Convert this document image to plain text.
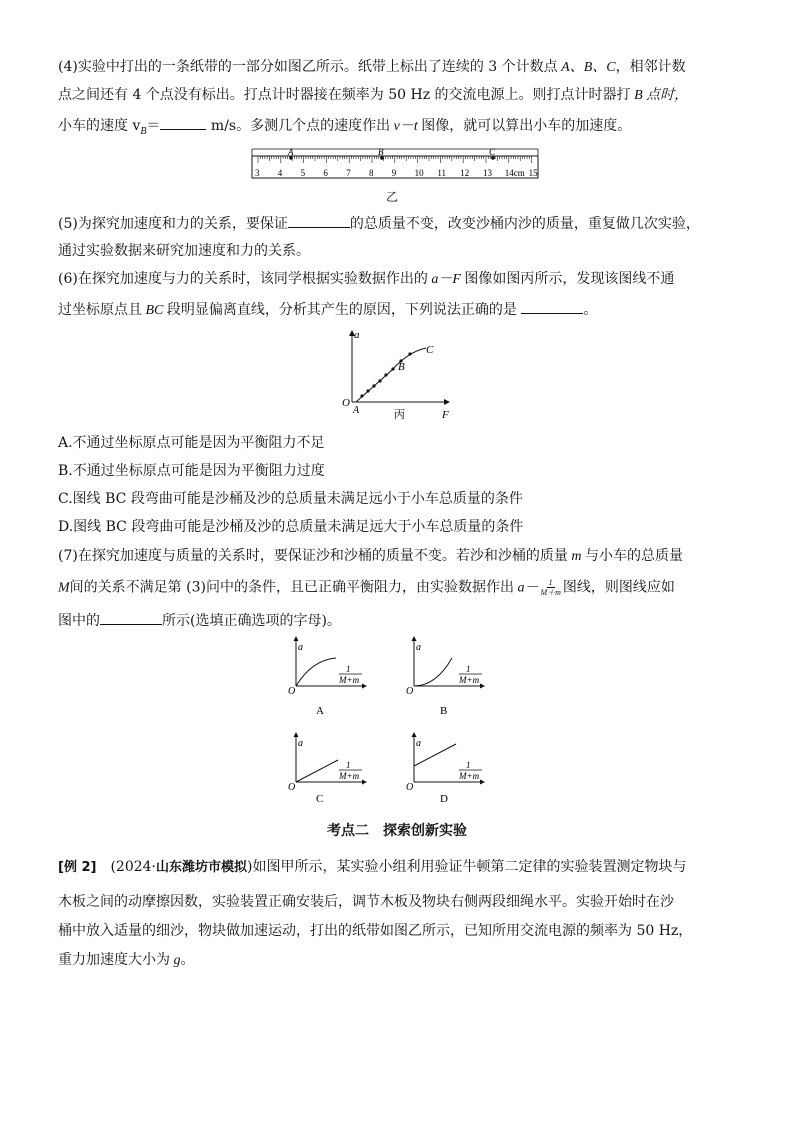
(4)实验中打出的一条纸带的一部分如图乙所示。纸带上标出了连续的 3 个计数点 A、B、C，相邻计数
点之间还有 4 个点没有标出。打点计时器接在频率为 50 Hz 的交流电源上。则打点计时器打 B 点时，
小车的速度 $v_B=$	m/s。多测几个点的速度作出 v－t 图像，就可以算出小车的加速度。
3 4 5 6 7 8 9 10 11 12 13 14cm 15
A	B	C
乙
(5)为探究加速度和力的关系，要保证	的总质量不变，改变沙桶内沙的质量，重复做几次实验，
通过实验数据来研究加速度和力的关系。
(6)在探究加速度与力的关系时，该同学根据实验数据作出的 a－F 图像如图丙所示，发现该图线不通
过坐标原点且 BC 段明显偏离直线，分析其产生的原因，下列说法正确的是	。
a
F
O
A
B
C
丙
A.不通过坐标原点可能是因为平衡阻力不足
B.不通过坐标原点可能是因为平衡阻力过度
C.图线 BC 段弯曲可能是沙桶及沙的总质量未满足远小于小车总质量的条件
D.图线 BC 段弯曲可能是沙桶及沙的总质量未满足远大于小车总质量的条件
(7)在探究加速度与质量的关系时，要保证沙和沙桶的质量不变。若沙和沙桶的质量 m 与小车的总质量
M间的关系不满足第 (3)问中的条件，且已正确平衡阻力，由实验数据作出 $a- \frac{1}{M+m}$ 图线，则图线应如
图中的	所示(选填正确选项的字母)。
a
O
1
M+m
A
a
O
1
M+m
B
a
O
1
M+m
C
a
O
1
M+m
D
考点二　探索创新实验
[例 2]　(2024·山东潍坊市模拟)如图甲所示，某实验小组利用验证牛顿第二定律的实验装置测定物块与
木板之间的动摩擦因数，实验装置正确安装后，调节木板及物块右侧两段细绳水平。实验开始时在沙
桶中放入适量的细沙，物块做加速运动，打出的纸带如图乙所示，已知所用交流电源的频率为 50 Hz，
重力加速度大小为 g。
